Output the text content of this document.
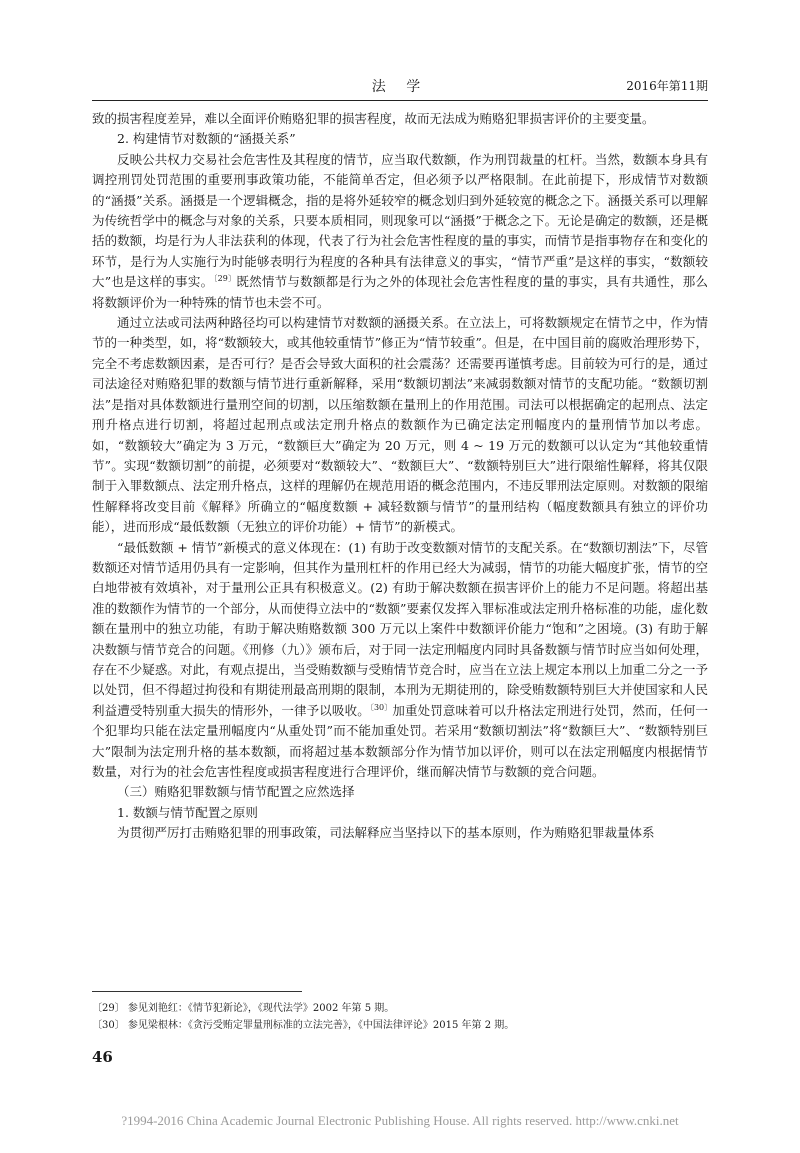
法 学	2016年第11期

致的损害程度差异，难以全面评价贿赂犯罪的损害程度，故而无法成为贿赂犯罪损害评价的主要变量。

2. 构建情节对数额的“涵摄关系”

反映公共权力交易社会危害性及其程度的情节，应当取代数额，作为刑罚裁量的杠杆。当然，数额本身具有调控刑罚处罚范围的重要刑事政策功能，不能简单否定，但必须予以严格限制。在此前提下，形成情节对数额的“涵摄”关系。涵摄是一个逻辑概念，指的是将外延较窄的概念划归到外延较宽的概念之下。涵摄关系可以理解为传统哲学中的概念与对象的关系，只要本质相同，则现象可以“涵摄”于概念之下。无论是确定的数额，还是概括的数额，均是行为人非法获利的体现，代表了行为社会危害性程度的量的事实，而情节是指事物存在和变化的环节，是行为人实施行为时能够表明行为程度的各种具有法律意义的事实，“情节严重”是这样的事实，“数额较大”也是这样的事实。$^{〔29〕}$既然情节与数额都是行为之外的体现社会危害性程度的量的事实，具有共通性，那么将数额评价为一种特殊的情节也未尝不可。

通过立法或司法两种路径均可以构建情节对数额的涵摄关系。在立法上，可将数额规定在情节之中，作为情节的一种类型，如，将“数额较大，或其他较重情节”修正为“情节较重”。但是，在中国目前的腐败治理形势下，完全不考虑数额因素，是否可行？是否会导致大面积的社会震荡？还需要再谨慎考虑。目前较为可行的是，通过司法途径对贿赂犯罪的数额与情节进行重新解释，采用“数额切割法”来减弱数额对情节的支配功能。“数额切割法”是指对具体数额进行量刑空间的切割，以压缩数额在量刑上的作用范围。司法可以根据确定的起刑点、法定刑升格点进行切割，将超过起刑点或法定刑升格点的数额作为已确定法定刑幅度内的量刑情节加以考虑。如，“数额较大”确定为 3 万元，“数额巨大”确定为 20 万元，则 4 ~ 19 万元的数额可以认定为“其他较重情节”。实现“数额切割”的前提，必须要对“数额较大”、“数额巨大”、“数额特别巨大”进行限缩性解释，将其仅限制于入罪数额点、法定刑升格点，这样的理解仍在规范用语的概念范围内，不违反罪刑法定原则。对数额的限缩性解释将改变目前《解释》所确立的“幅度数额 + 减轻数额与情节”的量刑结构（幅度数额具有独立的评价功能），进而形成“最低数额（无独立的评价功能）+ 情节”的新模式。

“最低数额 + 情节”新模式的意义体现在：(1) 有助于改变数额对情节的支配关系。在“数额切割法”下，尽管数额还对情节适用仍具有一定影响，但其作为量刑杠杆的作用已经大为减弱，情节的功能大幅度扩张，情节的空白地带被有效填补，对于量刑公正具有积极意义。(2) 有助于解决数额在损害评价上的能力不足问题。将超出基准的数额作为情节的一个部分，从而使得立法中的“数额”要素仅发挥入罪标准或法定刑升格标准的功能，虚化数额在量刑中的独立功能，有助于解决贿赂数额 300 万元以上案件中数额评价能力“饱和”之困境。(3) 有助于解决数额与情节竞合的问题。《刑修（九）》颁布后，对于同一法定刑幅度内同时具备数额与情节时应当如何处理，存在不少疑惑。对此，有观点提出，当受贿数额与受贿情节竞合时，应当在立法上规定本刑以上加重二分之一予以处罚，但不得超过拘役和有期徒刑最高刑期的限制，本刑为无期徒刑的，除受贿数额特别巨大并使国家和人民利益遭受特别重大损失的情形外，一律予以吸收。$^{〔30〕}$加重处罚意味着可以升格法定刑进行处罚，然而，任何一个犯罪均只能在法定量刑幅度内“从重处罚”而不能加重处罚。若采用“数额切割法”将“数额巨大”、“数额特别巨大”限制为法定刑升格的基本数额，而将超过基本数额部分作为情节加以评价，则可以在法定刑幅度内根据情节数量，对行为的社会危害性程度或损害程度进行合理评价，继而解决情节与数额的竞合问题。

（三）贿赂犯罪数额与情节配置之应然选择

1. 数额与情节配置之原则

为贯彻严厉打击贿赂犯罪的刑事政策，司法解释应当坚持以下的基本原则，作为贿赂犯罪裁量体系

〔29〕 参见刘艳红：《情节犯新论》，《现代法学》2002 年第 5 期。
〔30〕 参见梁根林：《贪污受贿定罪量刑标准的立法完善》，《中国法律评论》2015 年第 2 期。
46
?1994-2016 China Academic Journal Electronic Publishing House. All rights reserved. http://www.cnki.net
